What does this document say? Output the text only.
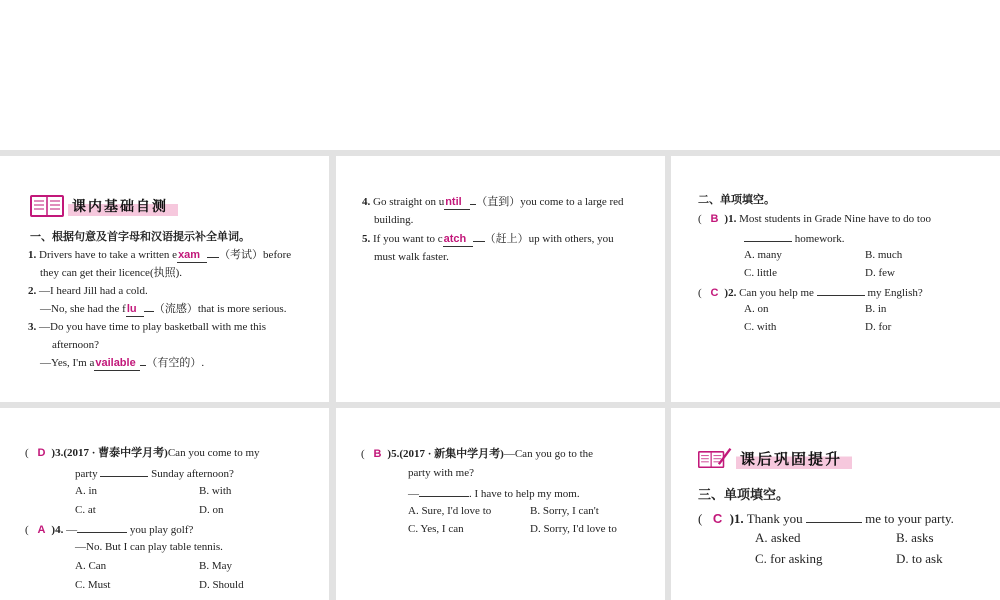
课内基础自测
一、根据句意及首字母和汉语提示补全单词。
1. Drivers have to take a written exam （考试）before
they can get their licence(执照).
2. —I heard Jill had a cold.
—No, she had the flu （流感）that is more serious.
3. —Do you have time to play basketball with me this
afternoon?
—Yes, I'm available （有空的）.
4. Go straight on until （直到）you come to a large red
building.
5. If you want to catch （赶上）up with others, you
must walk faster.
二、单项填空。
( B )1. Most students in Grade Nine have to do too
homework.
A. many	B. much
C. little	D. few
( C )2. Can you help me	my English?
A. on	B. in
C. with	D. for
( D )3.(2017 · 曹泰中学月考)Can you come to my
party	Sunday afternoon?
A. in	B. with
C. at	D. on
( A )4. —	you play golf?
—No. But I can play table tennis.
A. Can	B. May
C. Must	D. Should
( B )5.(2017 · 新集中学月考)—Can you go to the
party with me?
—	. I have to help my mom.
A. Sure, I'd love to	B. Sorry, I can't
C. Yes, I can	D. Sorry, I'd love to
课后巩固提升
三、单项填空。
( C )1. Thank you	me to your party.
A. asked	B. asks
C. for asking	D. to ask
